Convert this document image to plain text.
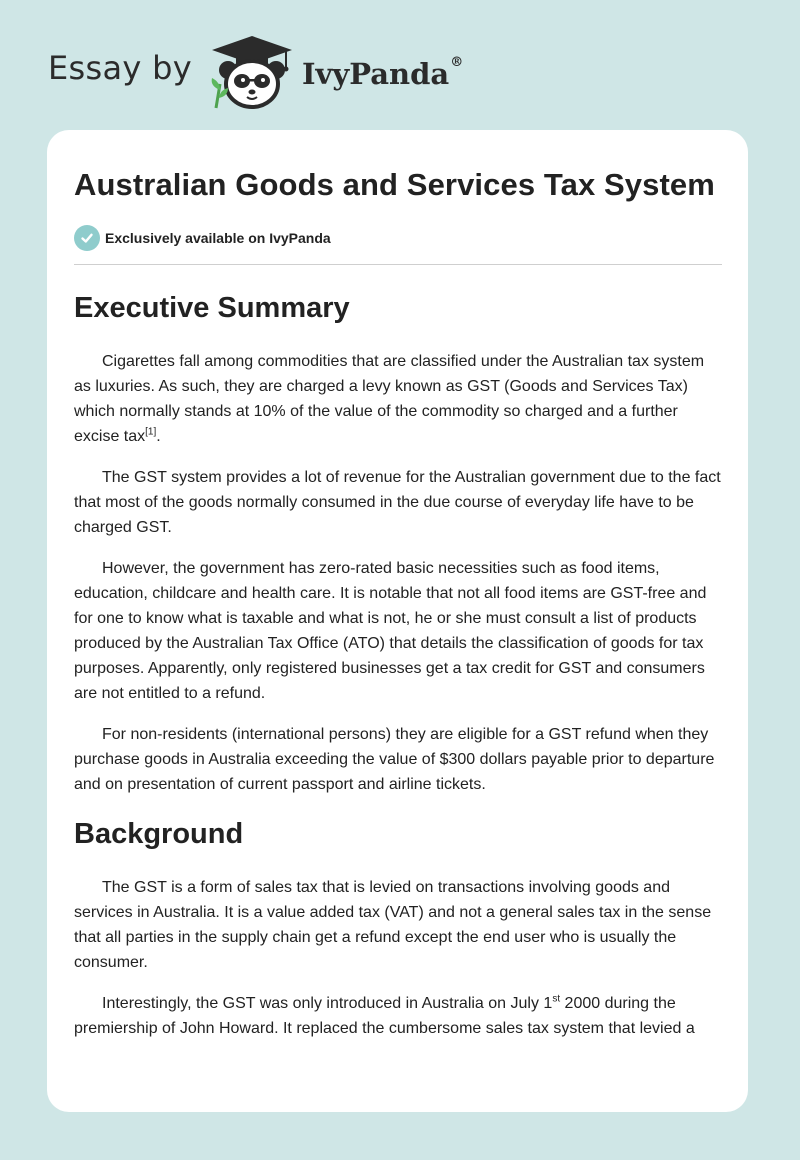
Essay by	IvyPanda®
Australian Goods and Services Tax System
Exclusively available on IvyPanda
Executive Summary

Cigarettes fall among commodities that are classified under the Australian tax system as luxuries. As such, they are charged a levy known as GST (Goods and Services Tax) which normally stands at 10% of the value of the commodity so charged and a further excise tax[1].

The GST system provides a lot of revenue for the Australian government due to the fact that most of the goods normally consumed in the due course of everyday life have to be charged GST.

However, the government has zero-rated basic necessities such as food items, education, childcare and health care. It is notable that not all food items are GST-free and for one to know what is taxable and what is not, he or she must consult a list of products produced by the Australian Tax Office (ATO) that details the classification of goods for tax purposes. Apparently, only registered businesses get a tax credit for GST and consumers are not entitled to a refund.

For non-residents (international persons) they are eligible for a GST refund when they purchase goods in Australia exceeding the value of $300 dollars payable prior to departure and on presentation of current passport and airline tickets.

Background

The GST is a form of sales tax that is levied on transactions involving goods and services in Australia. It is a value added tax (VAT) and not a general sales tax in the sense that all parties in the supply chain get a refund except the end user who is usually the consumer.

Interestingly, the GST was only introduced in Australia on July 1st 2000 during the premiership of John Howard. It replaced the cumbersome sales tax system that levied a
